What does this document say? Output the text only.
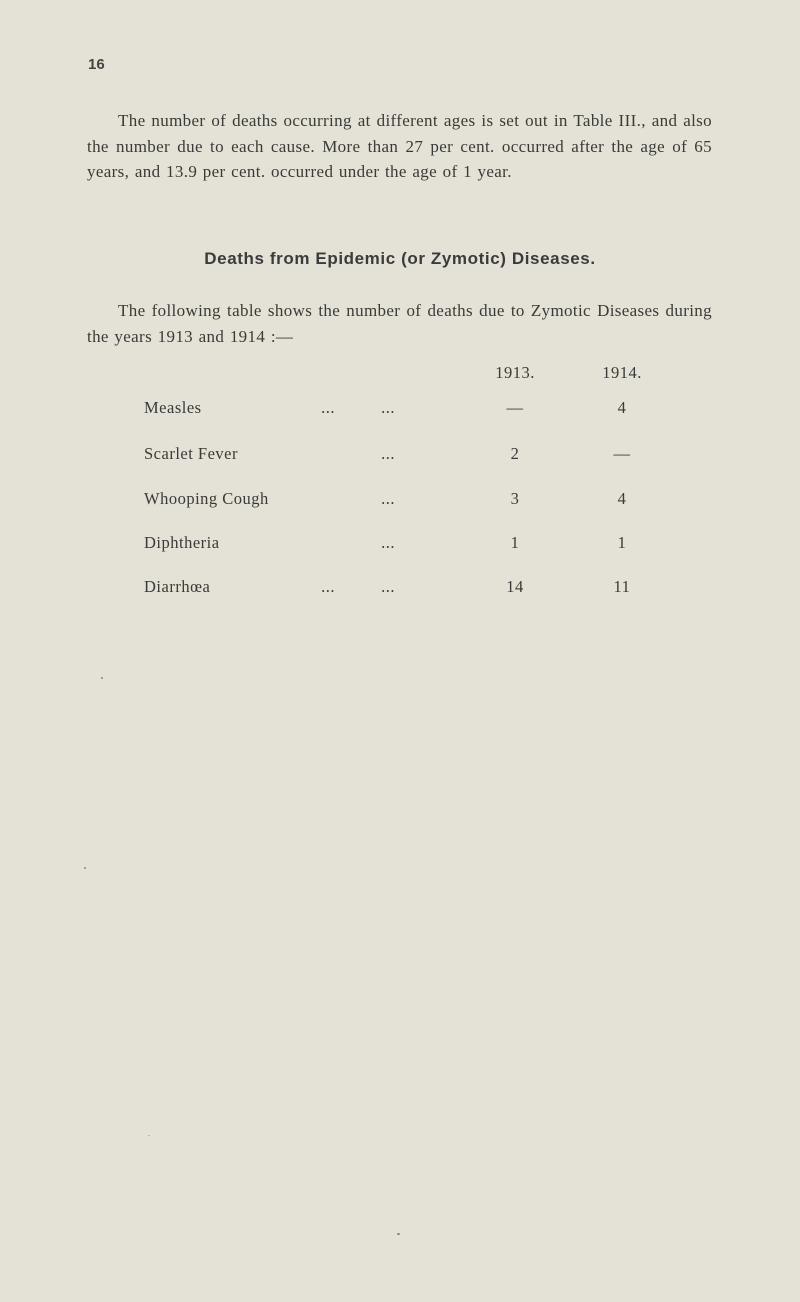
16

The number of deaths occurring at different ages is set out in Table III., and also the number due to each cause. More than 27 per cent. occurred after the age of 65 years, and 13.9 per cent. occurred under the age of 1 year.

Deaths from Epidemic (or Zymotic) Diseases.

The following table shows the number of deaths due to Zymotic Diseases during the years 1913 and 1914 :—

1913.	1914.
Measles	...	...	—	4
Scarlet Fever	...	2	—
Whooping Cough	...	3	4
Diphtheria	...	1	1
Diarrhœa	...	...	14	11
